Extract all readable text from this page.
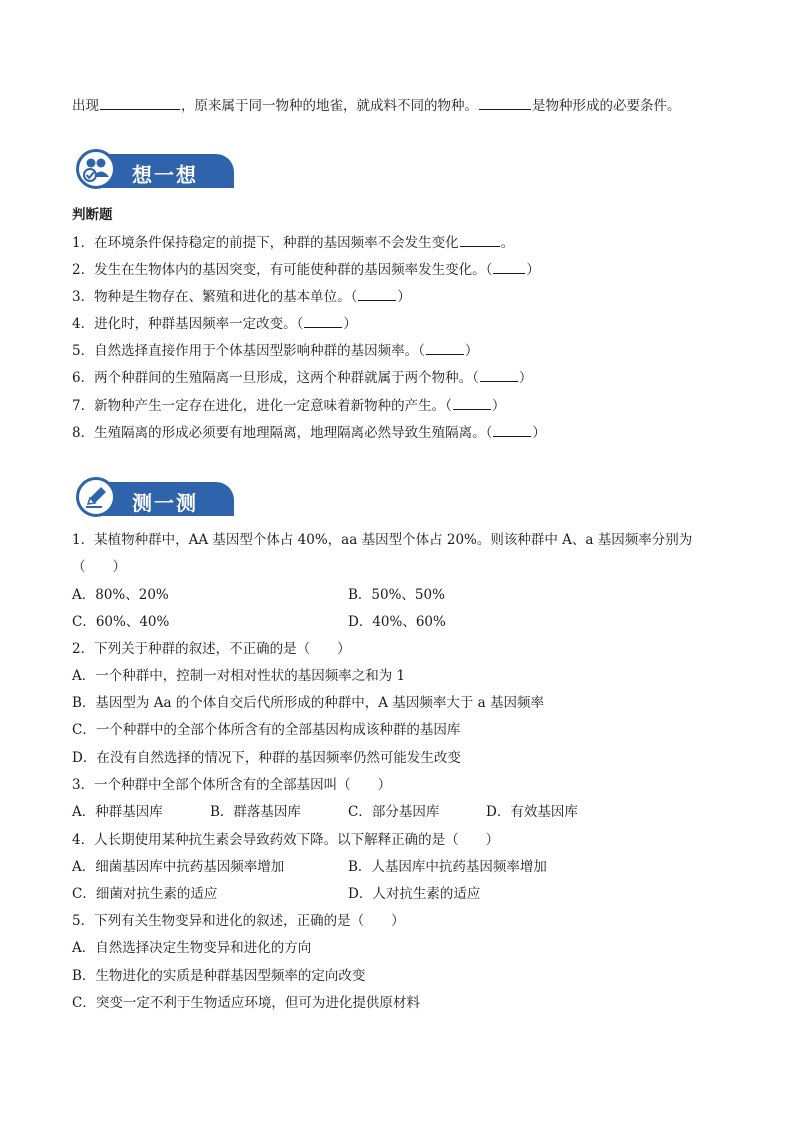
出现	，原来属于同一物种的地雀，就成料不同的物种。	是物种形成的必要条件。
想一想
判断题
1．在环境条件保持稳定的前提下，种群的基因频率不会发生变化	。
2．发生在生物体内的基因突变，有可能使种群的基因频率发生变化。（	）
3．物种是生物存在、繁殖和进化的基本单位。（	）
4．进化时，种群基因频率一定改变。（	）
5．自然选择直接作用于个体基因型影响种群的基因频率。（	）
6．两个种群间的生殖隔离一旦形成，这两个种群就属于两个物种。（	）
7．新物种产生一定存在进化，进化一定意味着新物种的产生。（	）
8．生殖隔离的形成必须要有地理隔离，地理隔离必然导致生殖隔离。（	）
测一测
1．某植物种群中，AA 基因型个体占 40%，aa 基因型个体占 20%。则该种群中 A、a 基因频率分别为
（　　）
A．80%、20%	B．50%、50%
C．60%、40%	D．40%、60%
2．下列关于种群的叙述，不正确的是（　　）
A．一个种群中，控制一对相对性状的基因频率之和为 1
B．基因型为 Aa 的个体自交后代所形成的种群中，A 基因频率大于 a 基因频率
C．一个种群中的全部个体所含有的全部基因构成该种群的基因库
D．在没有自然选择的情况下，种群的基因频率仍然可能发生改变
3．一个种群中全部个体所含有的全部基因叫（　　）
A．种群基因库	B．群落基因库	C．部分基因库	D．有效基因库
4．人长期使用某种抗生素会导致药效下降。以下解释正确的是（　　）
A．细菌基因库中抗药基因频率增加	B．人基因库中抗药基因频率增加
C．细菌对抗生素的适应	D．人对抗生素的适应
5．下列有关生物变异和进化的叙述，正确的是（　　）
A．自然选择决定生物变异和进化的方向
B．生物进化的实质是种群基因型频率的定向改变
C．突变一定不利于生物适应环境，但可为进化提供原材料
